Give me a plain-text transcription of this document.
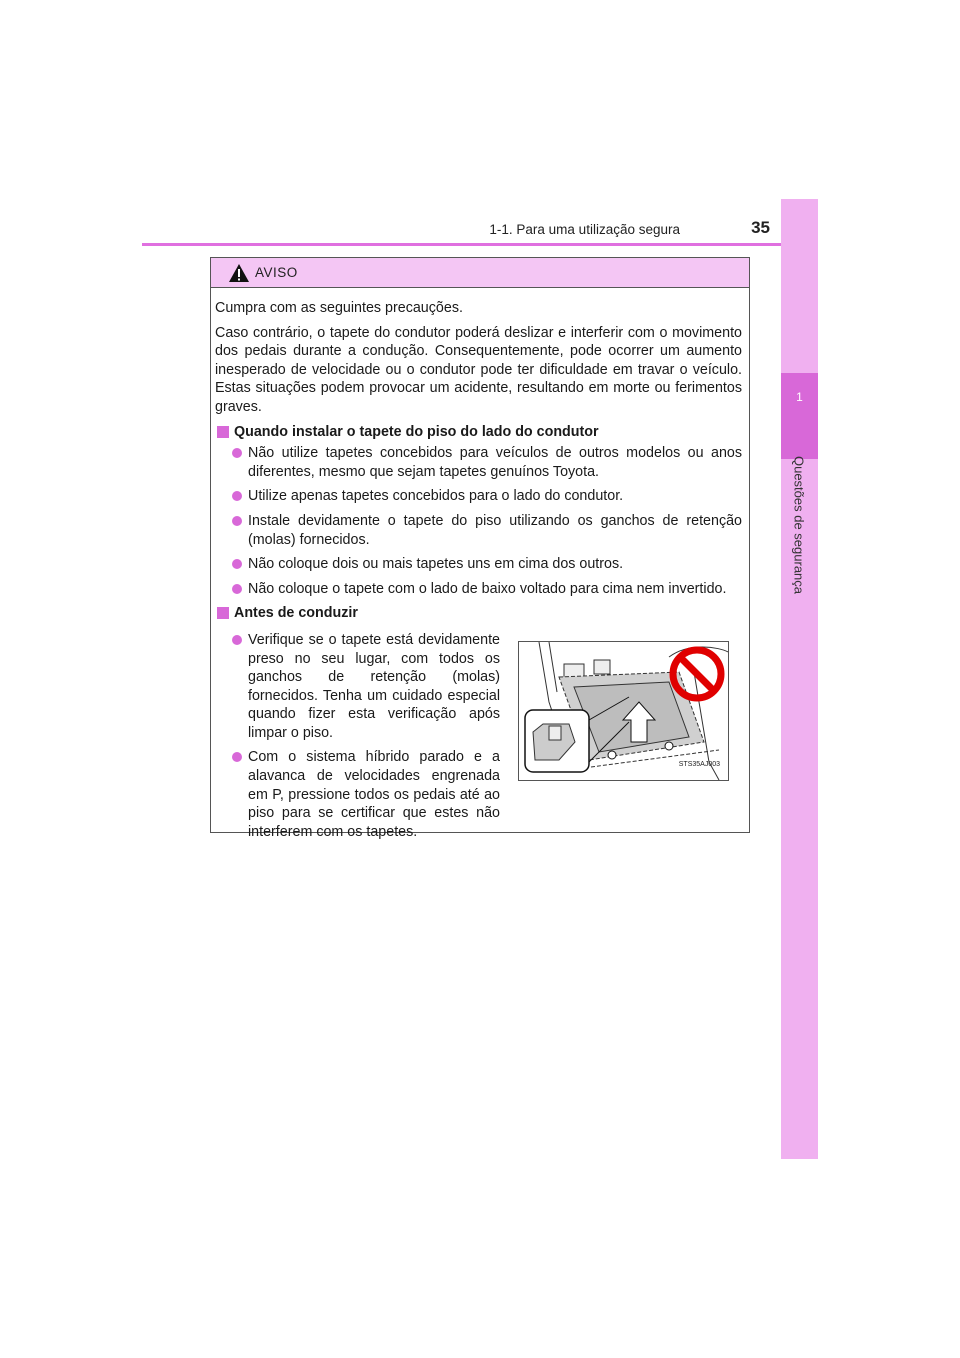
1-1. Para uma utilização segura	35
1
Questões de segurança
AVISO

Cumpra com as seguintes precauções.

Caso contrário, o tapete do condutor poderá deslizar e interferir com o movimento dos pedais durante a condução. Consequentemente, pode ocorrer um aumento inesperado de velocidade ou o condutor pode ter dificuldade em travar o veículo. Estas situações podem provocar um acidente, resultando em morte ou ferimentos graves.

Quando instalar o tapete do piso do lado do condutor
Não utilize tapetes concebidos para veículos de outros modelos ou anos diferentes, mesmo que sejam tapetes genuínos Toyota.
Utilize apenas tapetes concebidos para o lado do condutor.
Instale devidamente o tapete do piso utilizando os ganchos de retenção (molas) fornecidos.
Não coloque dois ou mais tapetes uns em cima dos outros.
Não coloque o tapete com o lado de baixo voltado para cima nem invertido.
Antes de conduzir
Verifique se o tapete está devidamente preso no seu lugar, com todos os ganchos de retenção (molas) fornecidos. Tenha um cuidado especial quando fizer esta verificação após limpar o piso.
Com o sistema híbrido parado e a alavanca de velocidades engrenada em P, pressione todos os pedais até ao piso para se certificar que estes não interferem com os tapetes.
STS35AJ003
